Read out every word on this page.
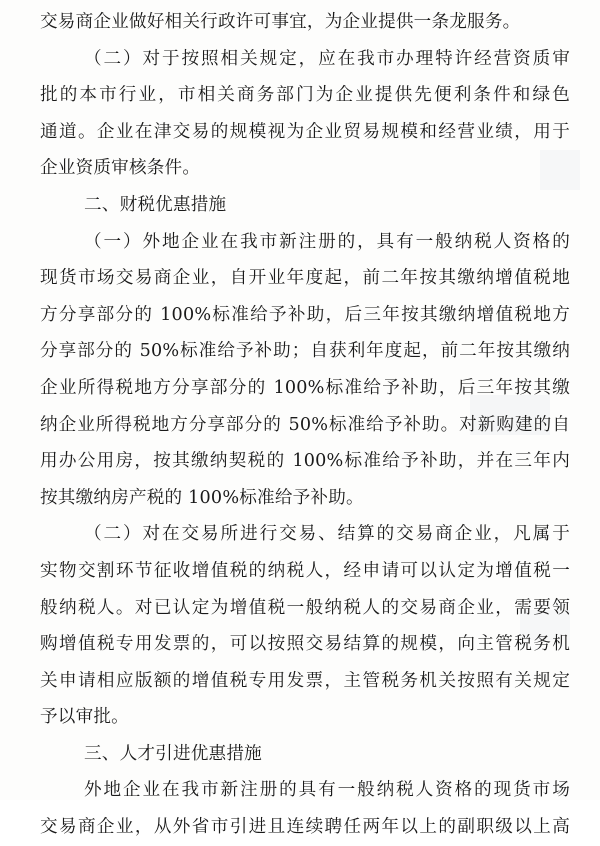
交易商企业做好相关行政许可事宜，为企业提供一条龙服务。
（二）对于按照相关规定，应在我市办理特许经营资质审
批的本市行业，市相关商务部门为企业提供先便利条件和绿色
通道。企业在津交易的规模视为企业贸易规模和经营业绩，用于
企业资质审核条件。
二、财税优惠措施
（一）外地企业在我市新注册的，具有一般纳税人资格的
现货市场交易商企业，自开业年度起，前二年按其缴纳增值税地
方分享部分的 100%标准给予补助，后三年按其缴纳增值税地方
分享部分的 50%标准给予补助；自获利年度起，前二年按其缴纳
企业所得税地方分享部分的 100%标准给予补助，后三年按其缴
纳企业所得税地方分享部分的 50%标准给予补助。对新购建的自
用办公用房，按其缴纳契税的 100%标准给予补助，并在三年内
按其缴纳房产税的 100%标准给予补助。
（二）对在交易所进行交易、结算的交易商企业，凡属于
实物交割环节征收增值税的纳税人，经申请可以认定为增值税一
般纳税人。对已认定为增值税一般纳税人的交易商企业，需要领
购增值税专用发票的，可以按照交易结算的规模，向主管税务机
关申请相应版额的增值税专用发票，主管税务机关按照有关规定
予以审批。
三、人才引进优惠措施
外地企业在我市新注册的具有一般纳税人资格的现货市场
交易商企业，从外省市引进且连续聘任两年以上的副职级以上高
